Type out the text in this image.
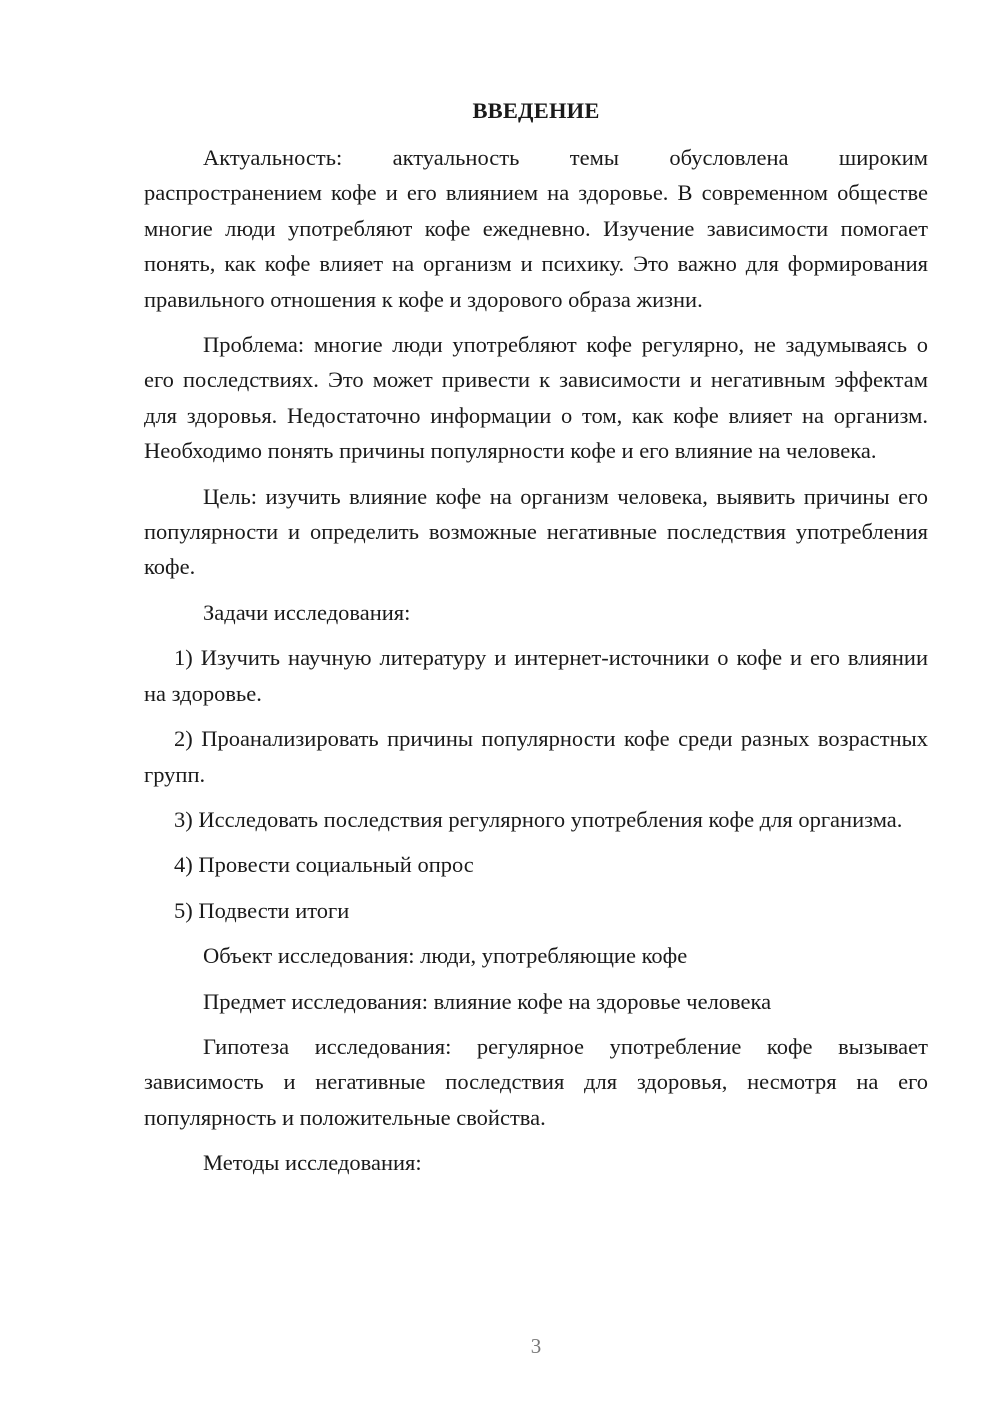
ВВЕДЕНИЕ

Актуальность: актуальность темы обусловлена широким распространением кофе и его влиянием на здоровье. В современном обществе многие люди употребляют кофе ежедневно. Изучение зависимости помогает понять, как кофе влияет на организм и психику. Это важно для формирования правильного отношения к кофе и здорового образа жизни.

Проблема: многие люди употребляют кофе регулярно, не задумываясь о его последствиях. Это может привести к зависимости и негативным эффектам для здоровья. Недостаточно информации о том, как кофе влияет на организм. Необходимо понять причины популярности кофе и его влияние на человека.

Цель: изучить влияние кофе на организм человека, выявить причины его популярности и определить возможные негативные последствия употребления кофе.

Задачи исследования:

1) Изучить научную литературу и интернет-источники о кофе и его влиянии на здоровье.

2) Проанализировать причины популярности кофе среди разных возрастных групп.

3) Исследовать последствия регулярного употребления кофе для организма.

4) Провести социальный опрос

5) Подвести итоги

Объект исследования: люди, употребляющие кофе

Предмет исследования: влияние кофе на здоровье человека

Гипотеза исследования: регулярное употребление кофе вызывает зависимость и негативные последствия для здоровья, несмотря на его популярность и положительные свойства.

Методы исследования:

3
